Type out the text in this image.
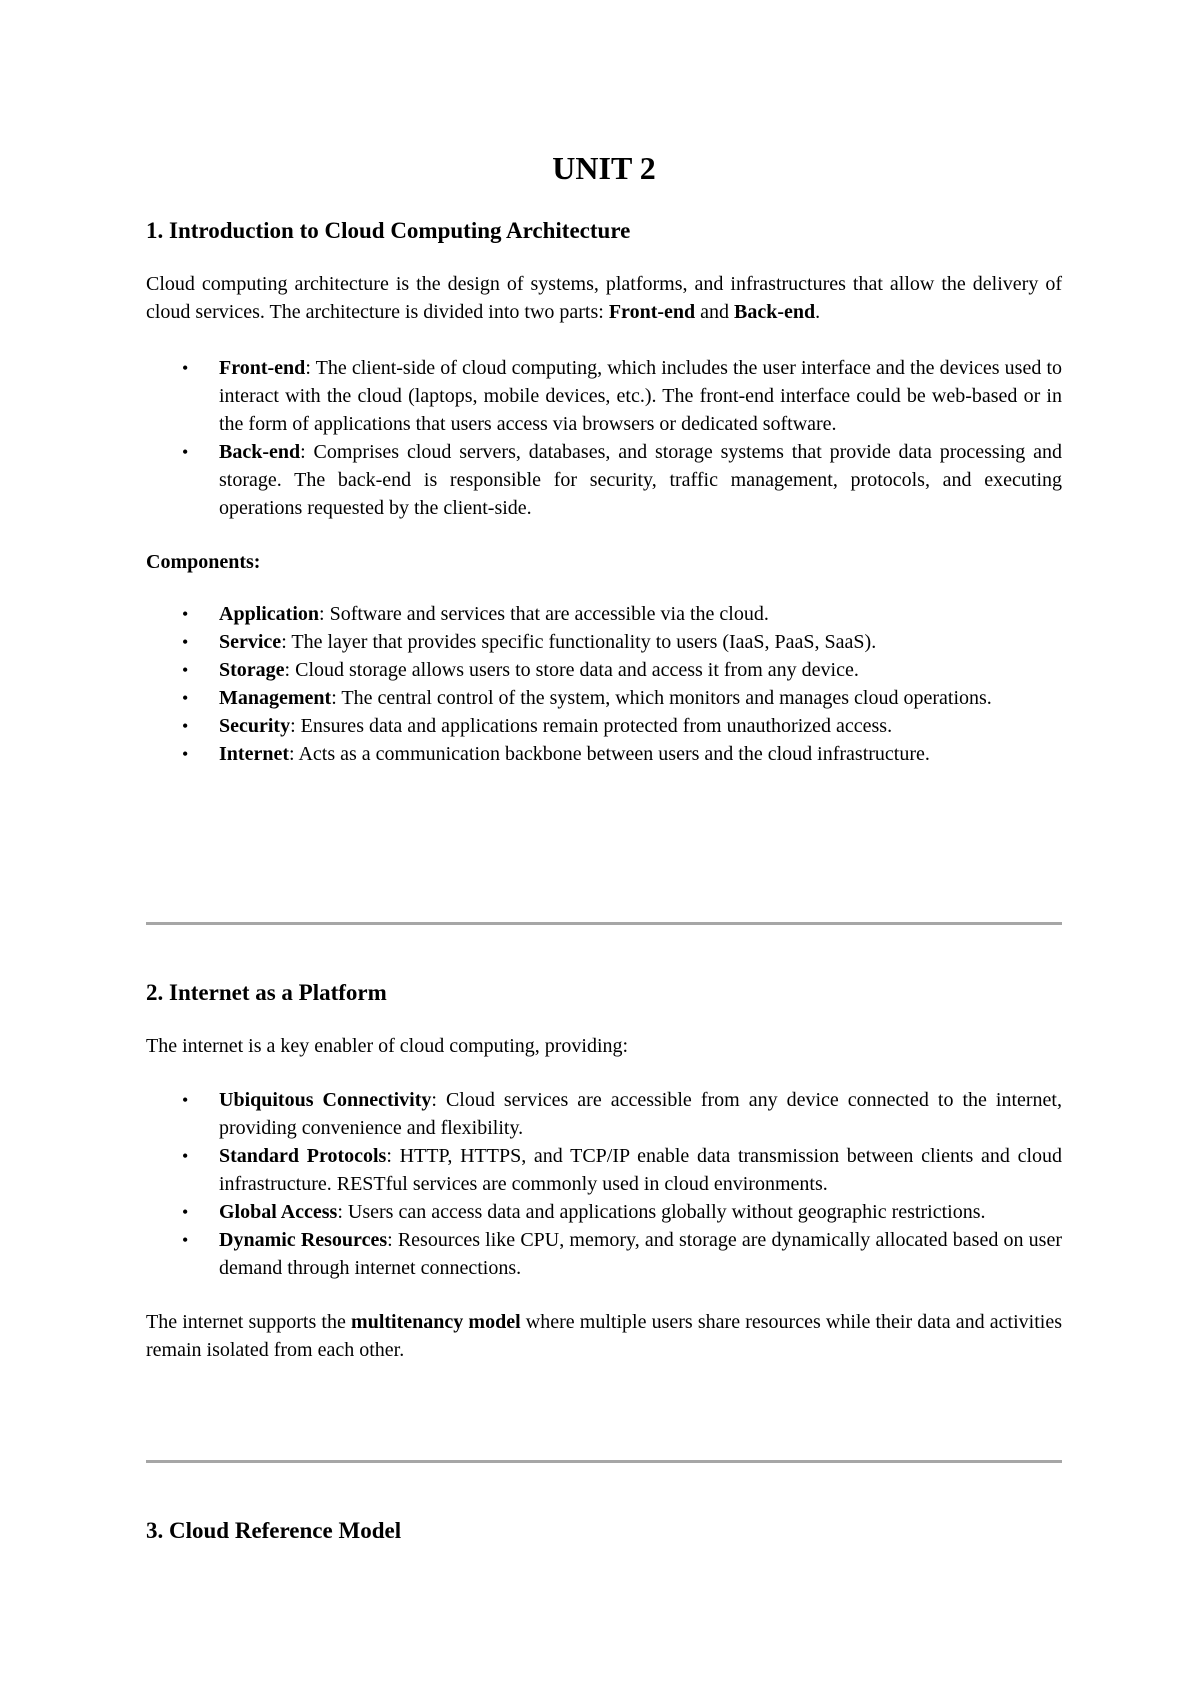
UNIT 2
1. Introduction to Cloud Computing Architecture

Cloud computing architecture is the design of systems, platforms, and infrastructures that allow the delivery of cloud services. The architecture is divided into two parts: Front-end and Back-end.

• Front-end: The client-side of cloud computing, which includes the user interface and the devices used to interact with the cloud (laptops, mobile devices, etc.). The front-end interface could be web-based or in the form of applications that users access via browsers or dedicated software.
• Back-end: Comprises cloud servers, databases, and storage systems that provide data processing and storage. The back-end is responsible for security, traffic management, protocols, and executing operations requested by the client-side.

Components:

• Application: Software and services that are accessible via the cloud.
• Service: The layer that provides specific functionality to users (IaaS, PaaS, SaaS).
• Storage: Cloud storage allows users to store data and access it from any device.
• Management: The central control of the system, which monitors and manages cloud operations.
• Security: Ensures data and applications remain protected from unauthorized access.
• Internet: Acts as a communication backbone between users and the cloud infrastructure.
2. Internet as a Platform

The internet is a key enabler of cloud computing, providing:

• Ubiquitous Connectivity: Cloud services are accessible from any device connected to the internet, providing convenience and flexibility.
• Standard Protocols: HTTP, HTTPS, and TCP/IP enable data transmission between clients and cloud infrastructure. RESTful services are commonly used in cloud environments.
• Global Access: Users can access data and applications globally without geographic restrictions.
• Dynamic Resources: Resources like CPU, memory, and storage are dynamically allocated based on user demand through internet connections.

The internet supports the multitenancy model where multiple users share resources while their data and activities remain isolated from each other.

3. Cloud Reference Model
